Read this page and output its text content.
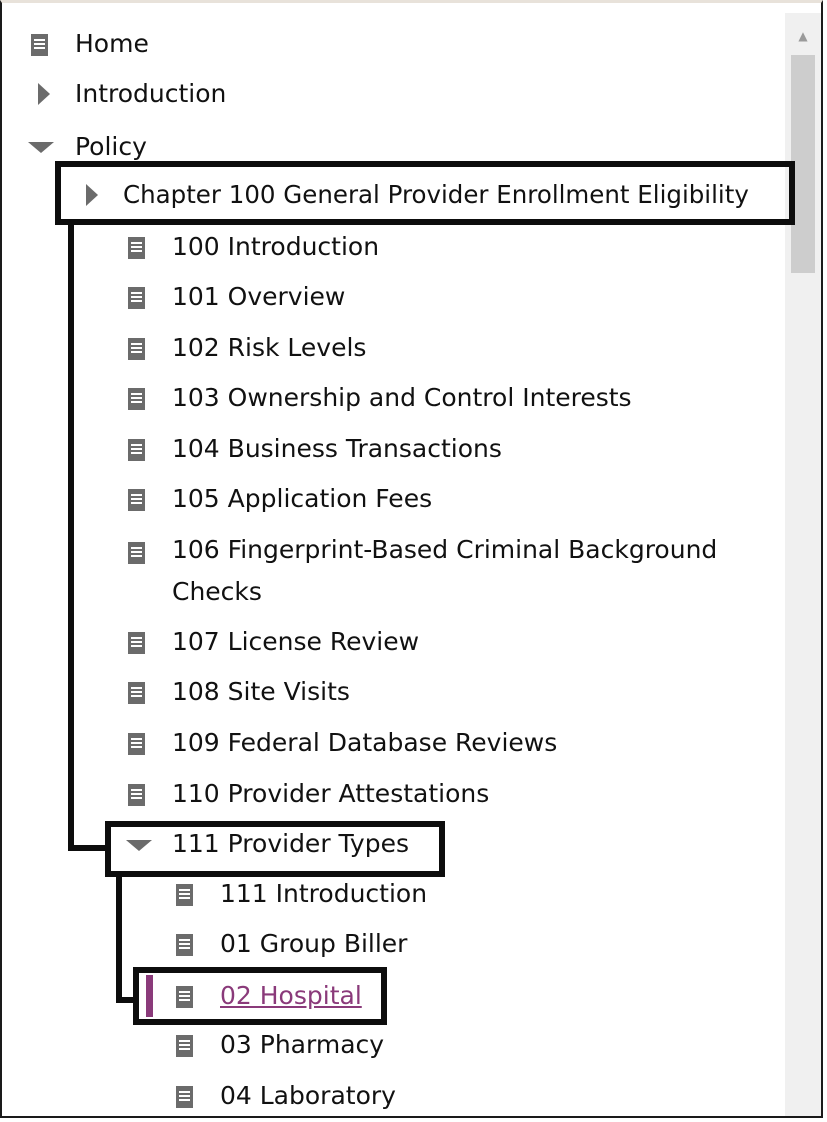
▲
Home
Introduction
Policy
Chapter 100 General Provider Enrollment Eligibility
100 Introduction
101 Overview
102 Risk Levels
103 Ownership and Control Interests
104 Business Transactions
105 Application Fees
106 Fingerprint-Based Criminal Background
Checks
107 License Review
108 Site Visits
109 Federal Database Reviews
110 Provider Attestations
111 Provider Types
111 Introduction
01 Group Biller
02 Hospital
03 Pharmacy
04 Laboratory
